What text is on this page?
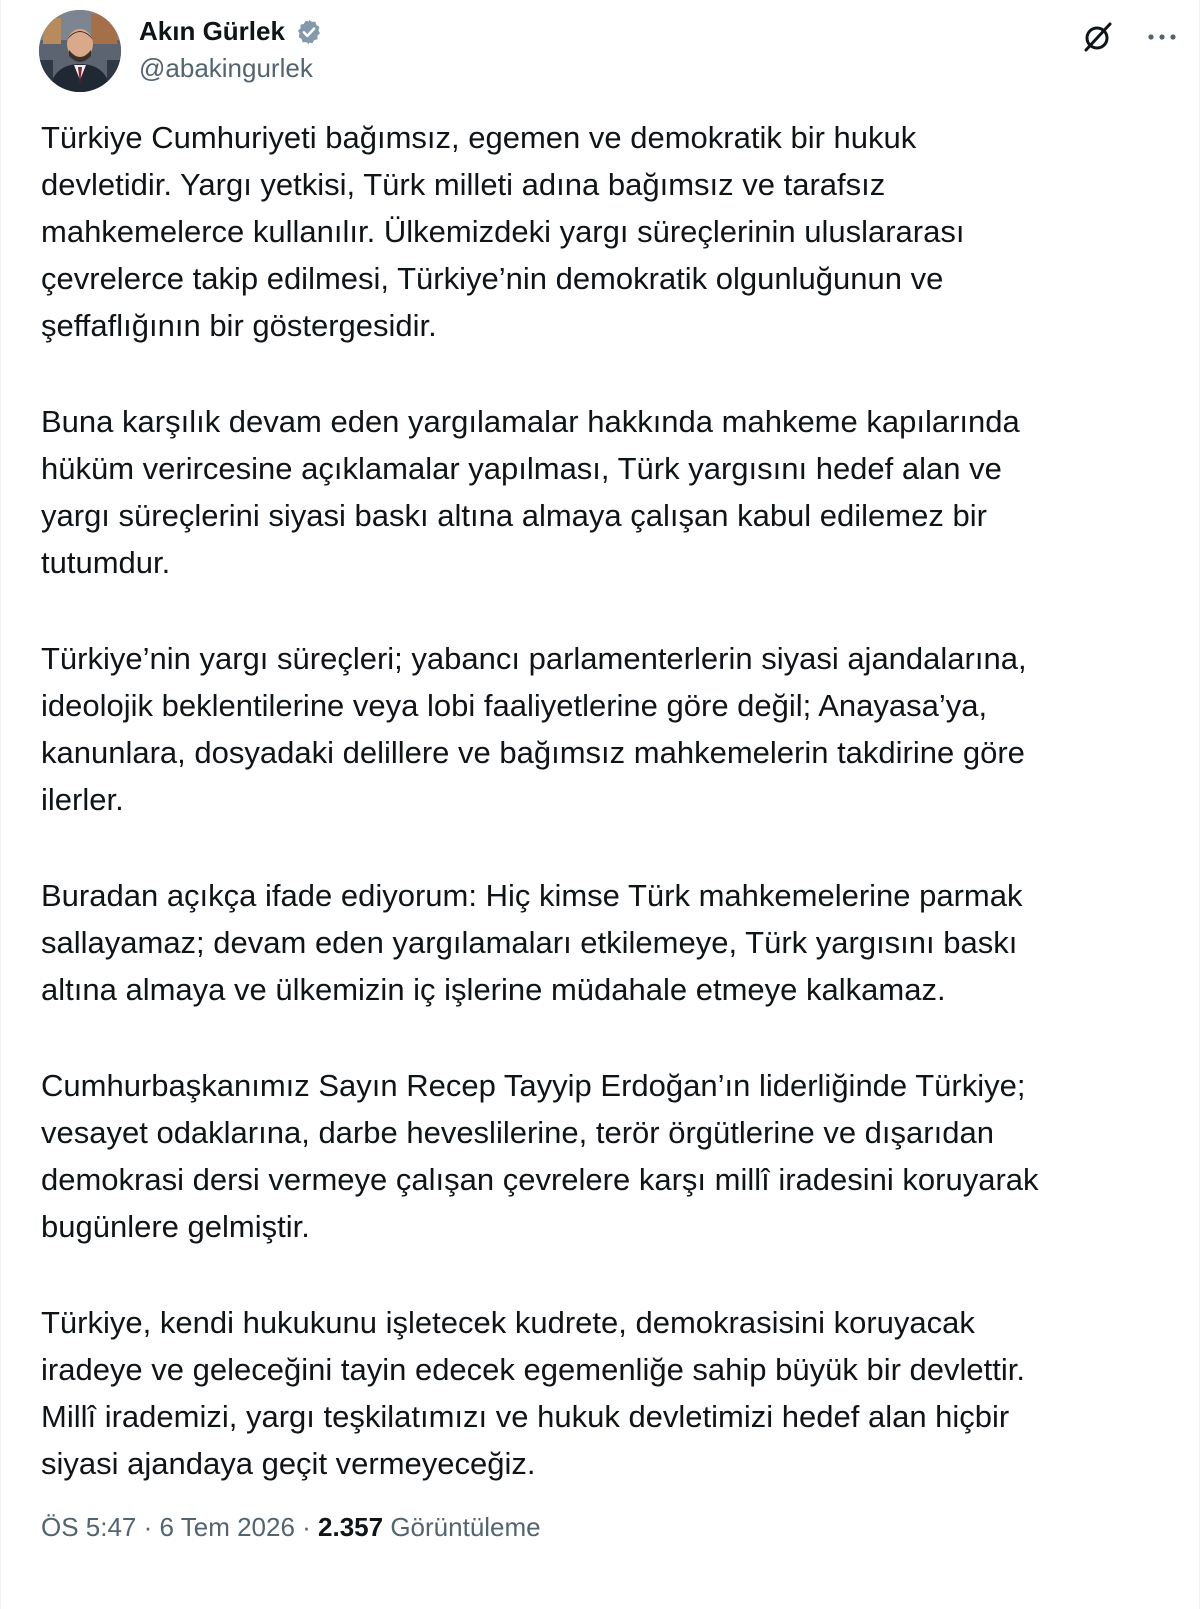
Akın Gürlek
@abakingurlek

Türkiye Cumhuriyeti bağımsız, egemen ve demokratik bir hukuk
devletidir. Yargı yetkisi, Türk milleti adına bağımsız ve tarafsız
mahkemelerce kullanılır. Ülkemizdeki yargı süreçlerinin uluslararası
çevrelerce takip edilmesi, Türkiye’nin demokratik olgunluğunun ve
şeffaflığının bir göstergesidir.

Buna karşılık devam eden yargılamalar hakkında mahkeme kapılarında
hüküm verircesine açıklamalar yapılması, Türk yargısını hedef alan ve
yargı süreçlerini siyasi baskı altına almaya çalışan kabul edilemez bir
tutumdur.

Türkiye’nin yargı süreçleri; yabancı parlamenterlerin siyasi ajandalarına,
ideolojik beklentilerine veya lobi faaliyetlerine göre değil; Anayasa’ya,
kanunlara, dosyadaki delillere ve bağımsız mahkemelerin takdirine göre
ilerler.

Buradan açıkça ifade ediyorum: Hiç kimse Türk mahkemelerine parmak
sallayamaz; devam eden yargılamaları etkilemeye, Türk yargısını baskı
altına almaya ve ülkemizin iç işlerine müdahale etmeye kalkamaz.

Cumhurbaşkanımız Sayın Recep Tayyip Erdoğan’ın liderliğinde Türkiye;
vesayet odaklarına, darbe heveslilerine, terör örgütlerine ve dışarıdan
demokrasi dersi vermeye çalışan çevrelere karşı millî iradesini koruyarak
bugünlere gelmiştir.

Türkiye, kendi hukukunu işletecek kudrete, demokrasisini koruyacak
iradeye ve geleceğini tayin edecek egemenliğe sahip büyük bir devlettir.
Millî irademizi, yargı teşkilatımızı ve hukuk devletimizi hedef alan hiçbir
siyasi ajandaya geçit vermeyeceğiz.

ÖS 5:47 · 6 Tem 2026 · 2.357 Görüntüleme
